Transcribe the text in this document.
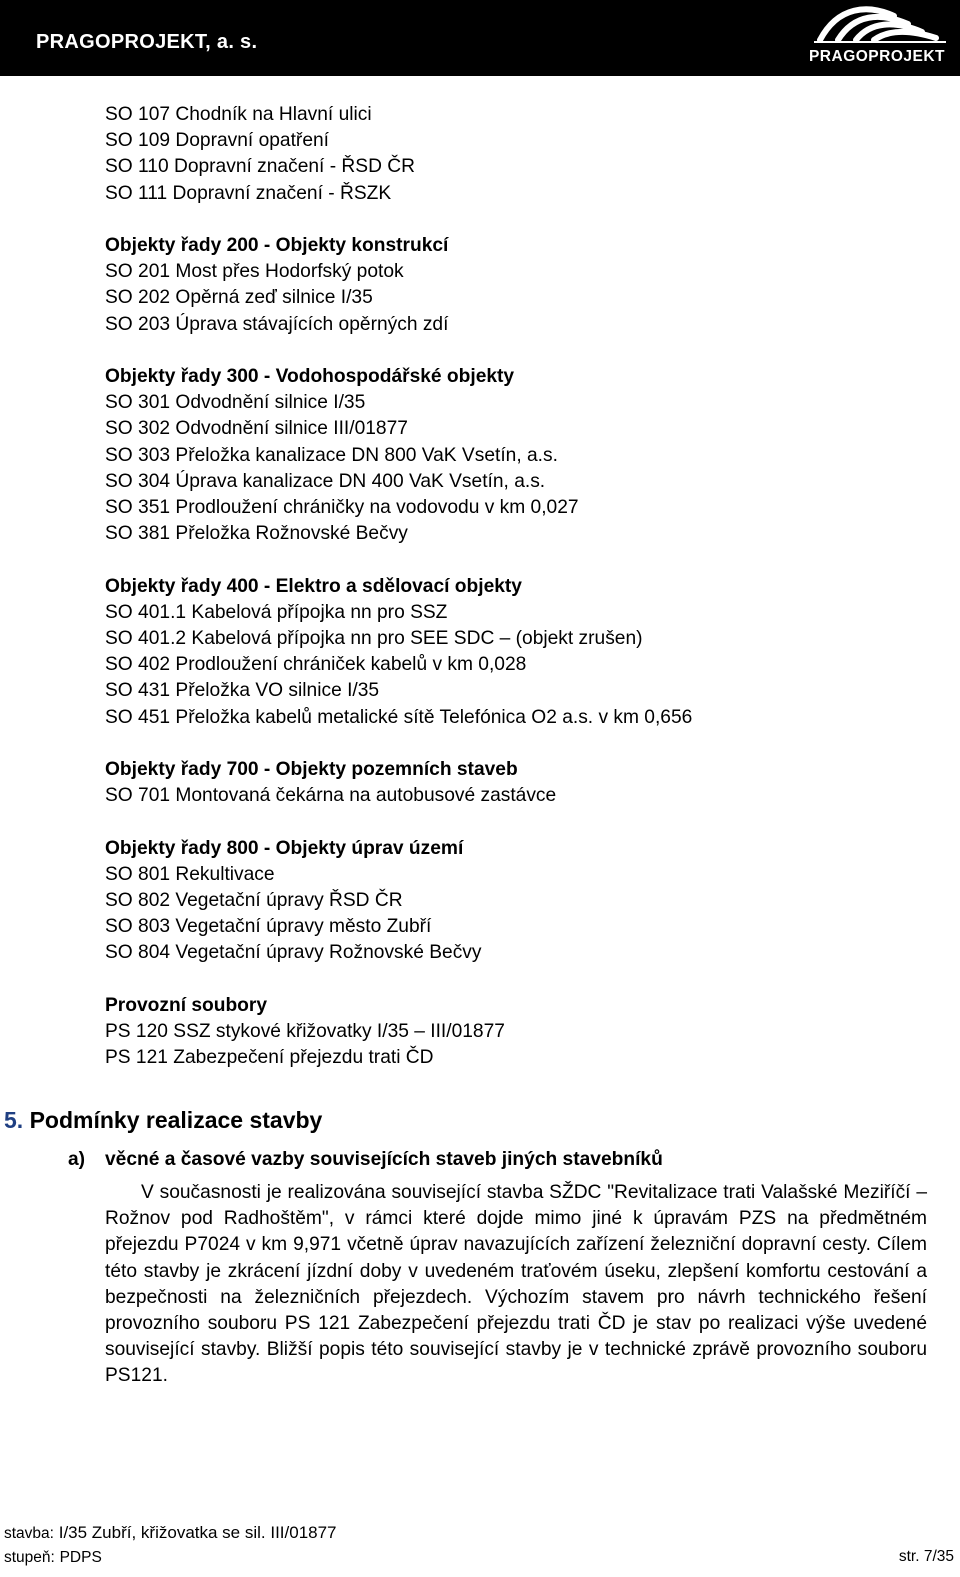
PRAGOPROJEKT, a. s.
PRAGOPROJEKT
SO 107 Chodník na Hlavní ulici
SO 109 Dopravní opatření
SO 110 Dopravní značení - ŘSD ČR
SO 111 Dopravní značení - ŘSZK
Objekty řady 200 - Objekty konstrukcí
SO 201 Most přes Hodorfský potok
SO 202 Opěrná zeď silnice I/35
SO 203 Úprava stávajících opěrných zdí
Objekty řady 300 - Vodohospodářské objekty
SO 301 Odvodnění silnice I/35
SO 302 Odvodnění silnice III/01877
SO 303 Přeložka kanalizace DN 800 VaK Vsetín, a.s.
SO 304 Úprava kanalizace DN 400 VaK Vsetín, a.s.
SO 351 Prodloužení chráničky na vodovodu v km 0,027
SO 381 Přeložka Rožnovské Bečvy
Objekty řady 400 - Elektro a sdělovací objekty
SO 401.1 Kabelová přípojka nn pro SSZ
SO 401.2 Kabelová přípojka nn pro SEE SDC – (objekt zrušen)
SO 402 Prodloužení chrániček kabelů v km 0,028
SO 431 Přeložka VO silnice I/35
SO 451 Přeložka kabelů metalické sítě Telefónica O2 a.s. v km 0,656
Objekty řady 700 - Objekty pozemních staveb
SO 701 Montovaná čekárna na autobusové zastávce
Objekty řady 800 - Objekty úprav území
SO 801 Rekultivace
SO 802 Vegetační úpravy ŘSD ČR
SO 803 Vegetační úpravy město Zubří
SO 804 Vegetační úpravy Rožnovské Bečvy
Provozní soubory
PS 120 SSZ stykové křižovatky I/35 – III/01877
PS 121 Zabezpečení přejezdu trati ČD
5. Podmínky realizace stavby
a) věcné a časové vazby souvisejících staveb jiných stavebníků

V současnosti je realizována související stavba SŽDC "Revitalizace trati Valašské Meziříčí – Rožnov pod Radhoštěm", v rámci které dojde mimo jiné k úpravám PZS na předmětném přejezdu P7024 v km 9,971 včetně úprav navazujících zařízení železniční dopravní cesty. Cílem této stavby je zkrácení jízdní doby v uvedeném traťovém úseku, zlepšení komfortu cestování a bezpečnosti na železničních přejezdech. Výchozím stavem pro návrh technického řešení provozního souboru PS 121 Zabezpečení přejezdu trati ČD je stav po realizaci výše uvedené související stavby. Bližší popis této související stavby je v technické zprávě provozního souboru PS121.

stavba: I/35 Zubří, křižovatka se sil. III/01877
stupeň: PDPS	str. 7/35
